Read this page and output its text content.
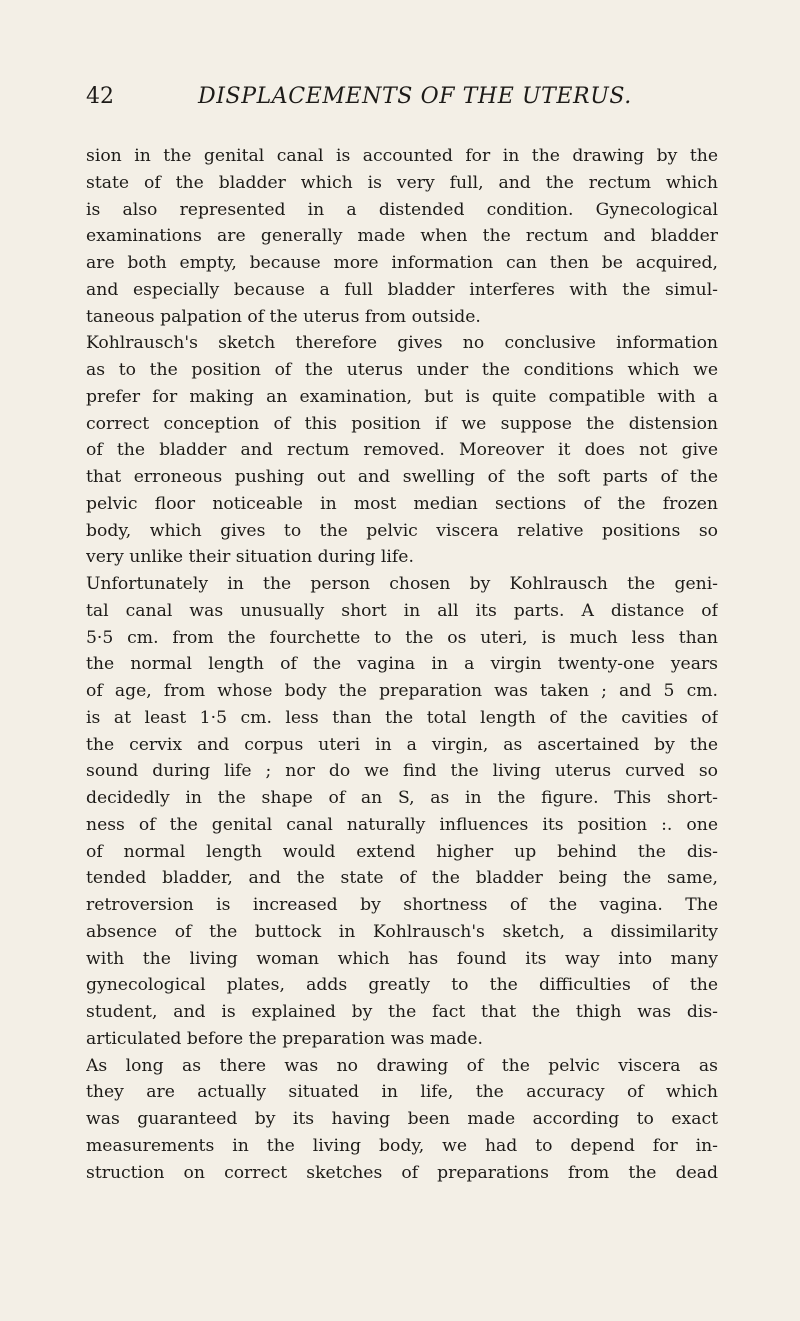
42	DISPLACEMENTS OF THE UTERUS.
sion in the genital canal is accounted for in the drawing by the
state of the bladder which is very full, and the rectum which
is also represented in a distended condition. Gynecological
examinations are generally made when the rectum and bladder
are both empty, because more information can then be acquired,
and especially because a full bladder interferes with the simul-
taneous palpation of the uterus from outside.
Kohlrausch's sketch therefore gives no conclusive information
as to the position of the uterus under the conditions which we
prefer for making an examination, but is quite compatible with a
correct conception of this position if we suppose the distension
of the bladder and rectum removed. Moreover it does not give
that erroneous pushing out and swelling of the soft parts of the
pelvic floor noticeable in most median sections of the frozen
body, which gives to the pelvic viscera relative positions so
very unlike their situation during life.
Unfortunately in the person chosen by Kohlrausch the geni-
tal canal was unusually short in all its parts. A distance of
5·5 cm. from the fourchette to the os uteri, is much less than
the normal length of the vagina in a virgin twenty-one years
of age, from whose body the preparation was taken ; and 5 cm.
is at least 1·5 cm. less than the total length of the cavities of
the cervix and corpus uteri in a virgin, as ascertained by the
sound during life ; nor do we find the living uterus curved so
decidedly in the shape of an S, as in the figure. This short-
ness of the genital canal naturally influences its position :. one
of normal length would extend higher up behind the dis-
tended bladder, and the state of the bladder being the same,
retroversion is increased by shortness of the vagina. The
absence of the buttock in Kohlrausch's sketch, a dissimilarity
with the living woman which has found its way into many
gynecological plates, adds greatly to the difficulties of the
student, and is explained by the fact that the thigh was dis-
articulated before the preparation was made.
As long as there was no drawing of the pelvic viscera as
they are actually situated in life, the accuracy of which
was guaranteed by its having been made according to exact
measurements in the living body, we had to depend for in-
struction on correct sketches of preparations from the dead
